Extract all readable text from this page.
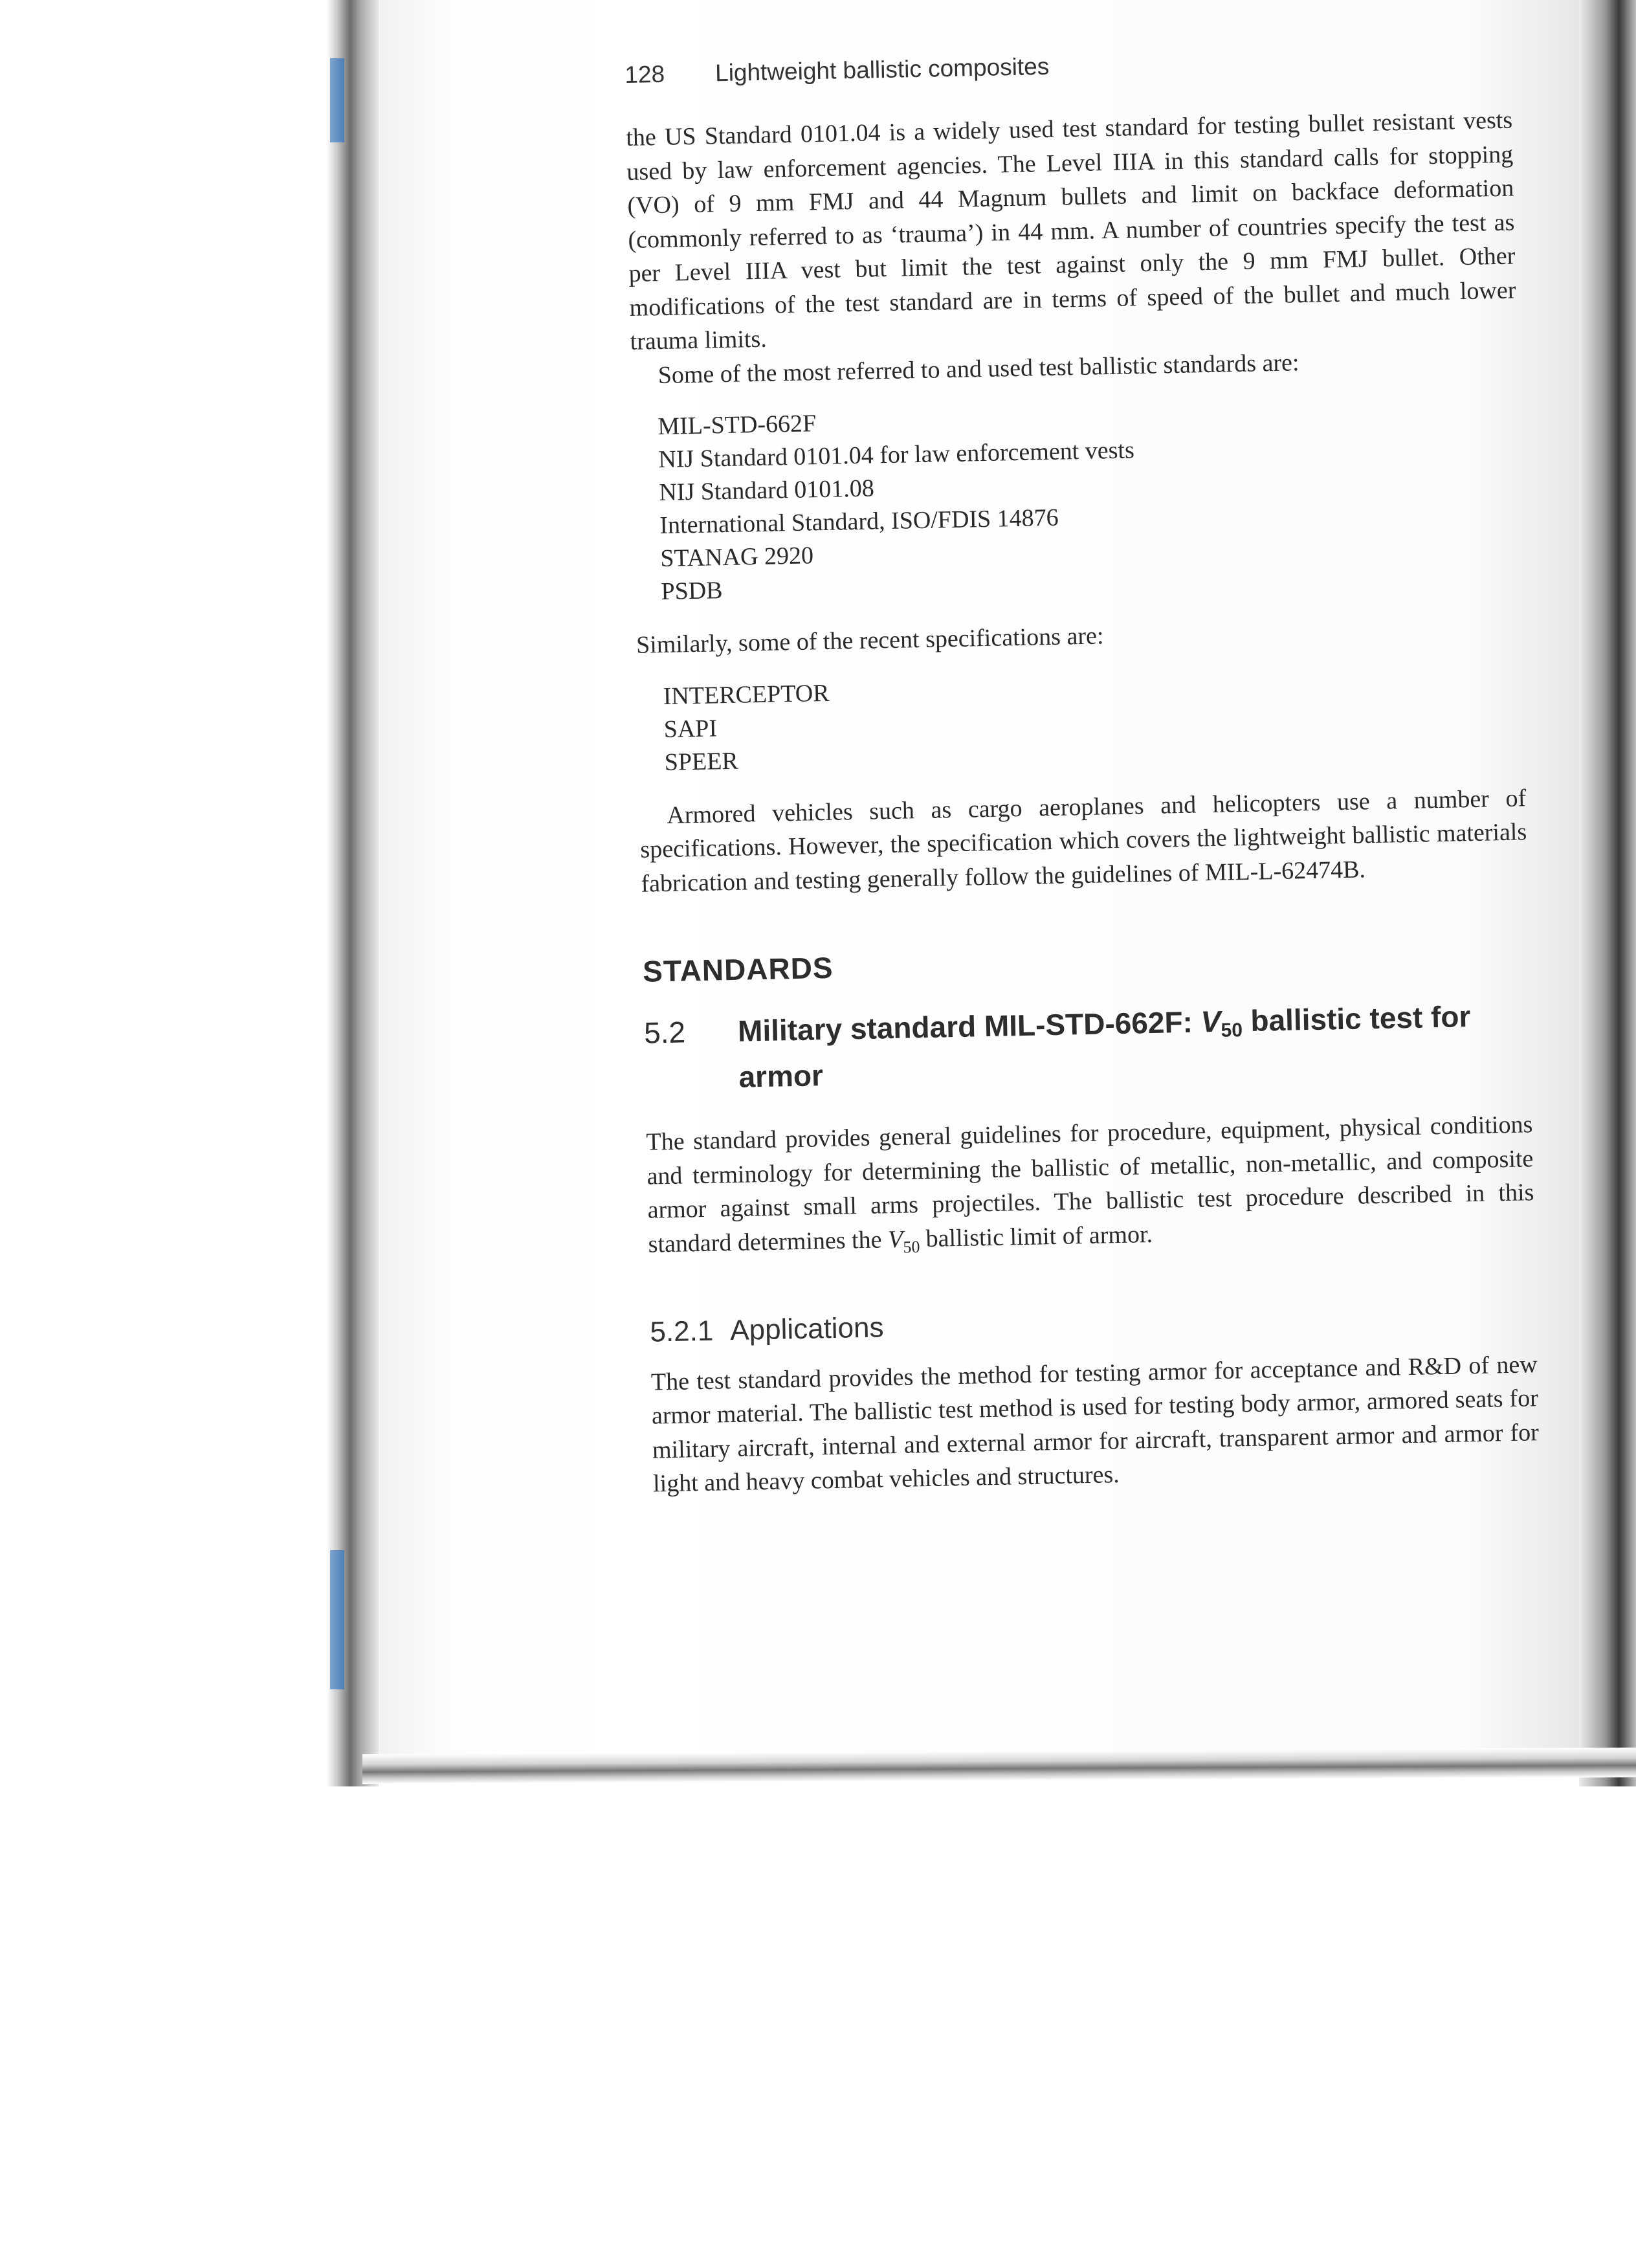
128 Lightweight ballistic composites

the US Standard 0101.04 is a widely used test standard for testing bullet resistant vests used by law enforcement agencies. The Level IIIA in this standard calls for stopping (VO) of 9 mm FMJ and 44 Magnum bullets and limit on backface deformation (commonly referred to as ‘trauma’) in 44 mm. A number of countries specify the test as per Level IIIA vest but limit the test against only the 9 mm FMJ bullet. Other modifications of the test standard are in terms of speed of the bullet and much lower trauma limits.

Some of the most referred to and used test ballistic standards are:

MIL-STD-662F
NIJ Standard 0101.04 for law enforcement vests
NIJ Standard 0101.08
International Standard, ISO/FDIS 14876
STANAG 2920
PSDB

Similarly, some of the recent specifications are:

INTERCEPTOR
SAPI
SPEER

Armored vehicles such as cargo aeroplanes and helicopters use a number of specifications. However, the specification which covers the lightweight ballistic materials fabrication and testing generally follow the guidelines of MIL-L-62474B.

STANDARDS
5.2	Military standard MIL-STD-662F: $V_{50}$ ballistic test for armor

The standard provides general guidelines for procedure, equipment, physical conditions and terminology for determining the ballistic of metallic, non-metallic, and composite armor against small arms projectiles. The ballistic test procedure described in this standard determines the $V_{50}$ ballistic limit of armor.

5.2.1 Applications

The test standard provides the method for testing armor for acceptance and R&D of new armor material. The ballistic test method is used for testing body armor, armored seats for military aircraft, internal and external armor for aircraft, transparent armor and armor for light and heavy combat vehicles and structures.
